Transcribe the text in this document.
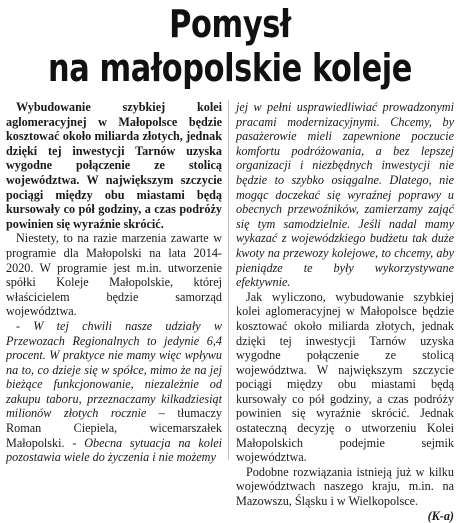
Pomysł
na małopolskie koleje

Wybudowanie szybkiej kolei aglomeracyjnej w Małopolsce będzie kosztować około miliarda złotych, jednak dzięki tej inwestycji Tarnów uzyska wygodne połączenie ze stolicą województwa. W największym szczycie pociągi między obu miastami będą kursowały co pół godziny, a czas podróży powinien się wyraźnie skrócić.

Niestety, to na razie marzenia zawarte w programie dla Małopolski na lata 2014-2020. W programie jest m.in. utworzenie spółki Koleje Małopolskie, której właścicielem będzie samorząd województwa.

- W tej chwili nasze udziały w Przewozach Regionalnych to jedynie 6,4 procent. W praktyce nie mamy więc wpływu na to, co dzieje się w spółce, mimo że na jej bieżące funkcjonowanie, niezależnie od zakupu taboru, przeznaczamy kilkadziesiąt milionów złotych rocznie – tłumaczy Roman Ciepiela, wicemarszałek Małopolski. - Obecna sytuacja na kolei pozostawia wiele do życzenia i nie możemy

jej w pełni usprawiedliwiać prowadzonymi pracami modernizacyjnymi. Chcemy, by pasażerowie mieli zapewnione poczucie komfortu podróżowania, a bez lepszej organizacji i niezbędnych inwestycji nie będzie to szybko osiągalne. Dlatego, nie mogąc doczekać się wyraźnej poprawy u obecnych przewoźników, zamierzamy zająć się tym samodzielnie. Jeśli nadal mamy wykazać z wojewódzkiego budżetu tak duże kwoty na przewozy kolejowe, to chcemy, aby pieniądze te były wykorzystywane efektywnie.

Jak wyliczono, wybudowanie szybkiej kolei aglomeracyjnej w Małopolsce będzie kosztować około miliarda złotych, jednak dzięki tej inwestycji Tarnów uzyska wygodne połączenie ze stolicą województwa. W największym szczycie pociągi między obu miastami będą kursowały co pół godziny, a czas podróży powinien się wyraźnie skrócić. Jednak ostateczną decyzję o utworzeniu Kolei Małopolskich podejmie sejmik województwa.

Podobne rozwiązania istnieją już w kilku województwach naszego kraju, m.in. na Mazowszu, Śląsku i w Wielkopolsce.

(K-a)
